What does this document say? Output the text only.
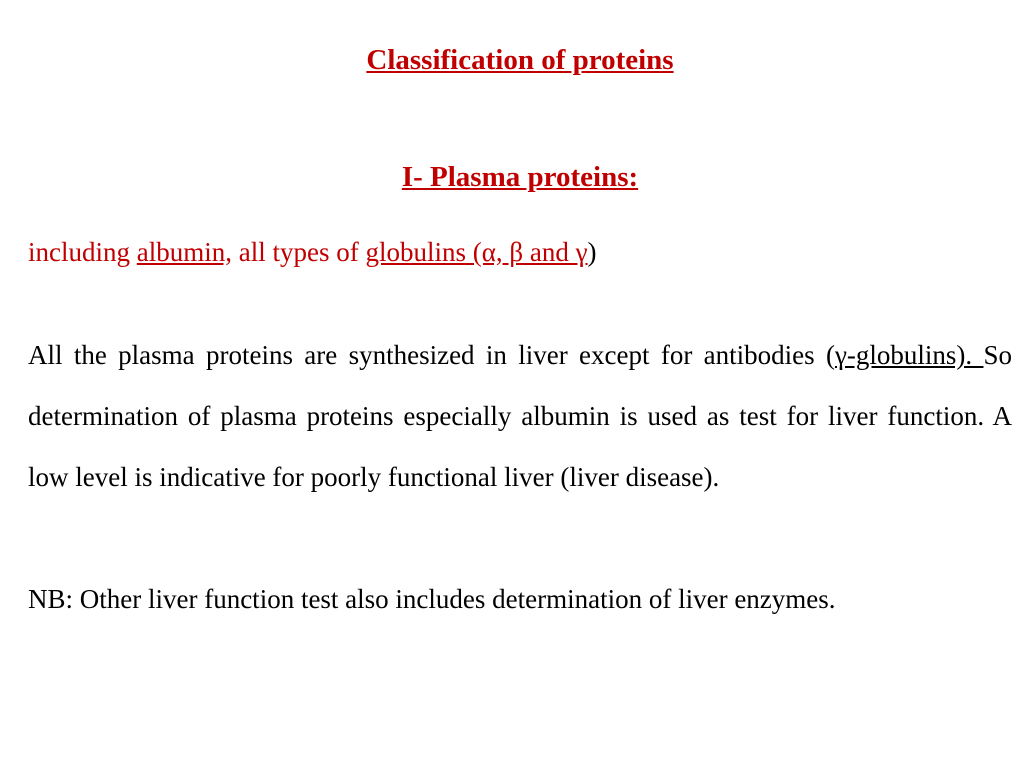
Classification of proteins
I- Plasma proteins:

including albumin, all types of globulins (α, β and γ)

All the plasma proteins are synthesized in liver except for antibodies (γ-globulins). So determination of plasma proteins especially albumin is used as test for liver function. A low level is indicative for poorly functional liver (liver disease).

NB: Other liver function test also includes determination of liver enzymes.
